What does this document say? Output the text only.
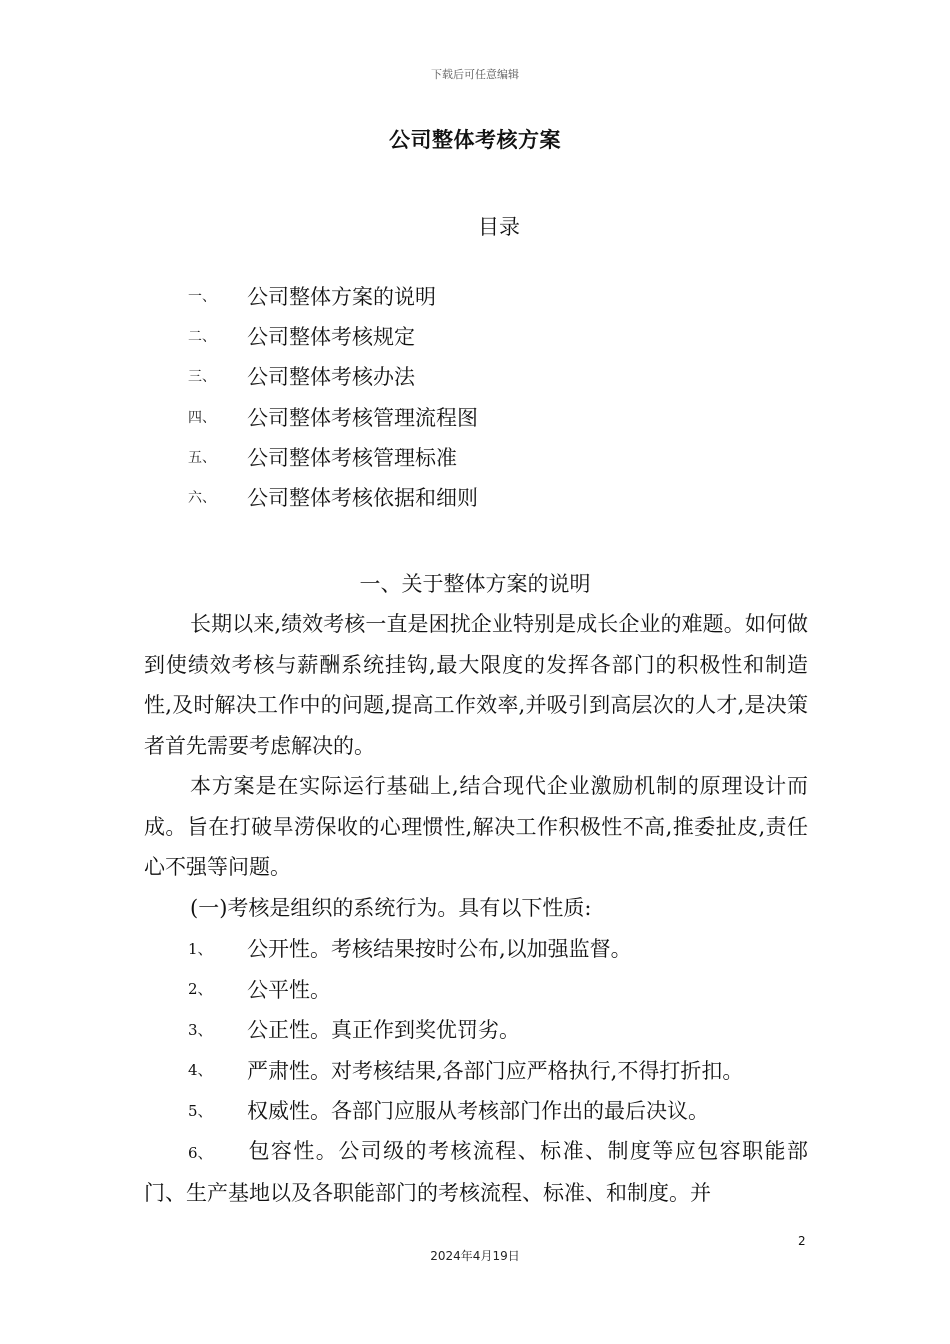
下载后可任意编辑
公司整体考核方案
目录
一、	公司整体方案的说明
二、	公司整体考核规定
三、	公司整体考核办法
四、	公司整体考核管理流程图
五、	公司整体考核管理标准
六、	公司整体考核依据和细则
一、关于整体方案的说明

长期以来,绩效考核一直是困扰企业特别是成长企业的难题。如何做到使绩效考核与薪酬系统挂钩,最大限度的发挥各部门的积极性和制造性,及时解决工作中的问题,提高工作效率,并吸引到高层次的人才,是决策者首先需要考虑解决的。

本方案是在实际运行基础上,结合现代企业激励机制的原理设计而成。旨在打破旱涝保收的心理惯性,解决工作积极性不高,推委扯皮,责任心不强等问题。

(一)考核是组织的系统行为。具有以下性质:

1、	公开性。考核结果按时公布,以加强监督。
2、	公平性。
3、	公正性。真正作到奖优罚劣。
4、	严肃性。对考核结果,各部门应严格执行,不得打折扣。
5、	权威性。各部门应服从考核部门作出的最后决议。
6、 包容性。公司级的考核流程、标准、制度等应包容职能部门、生产基地以及各职能部门的考核流程、标准、和制度。并
2
2024年4月19日
